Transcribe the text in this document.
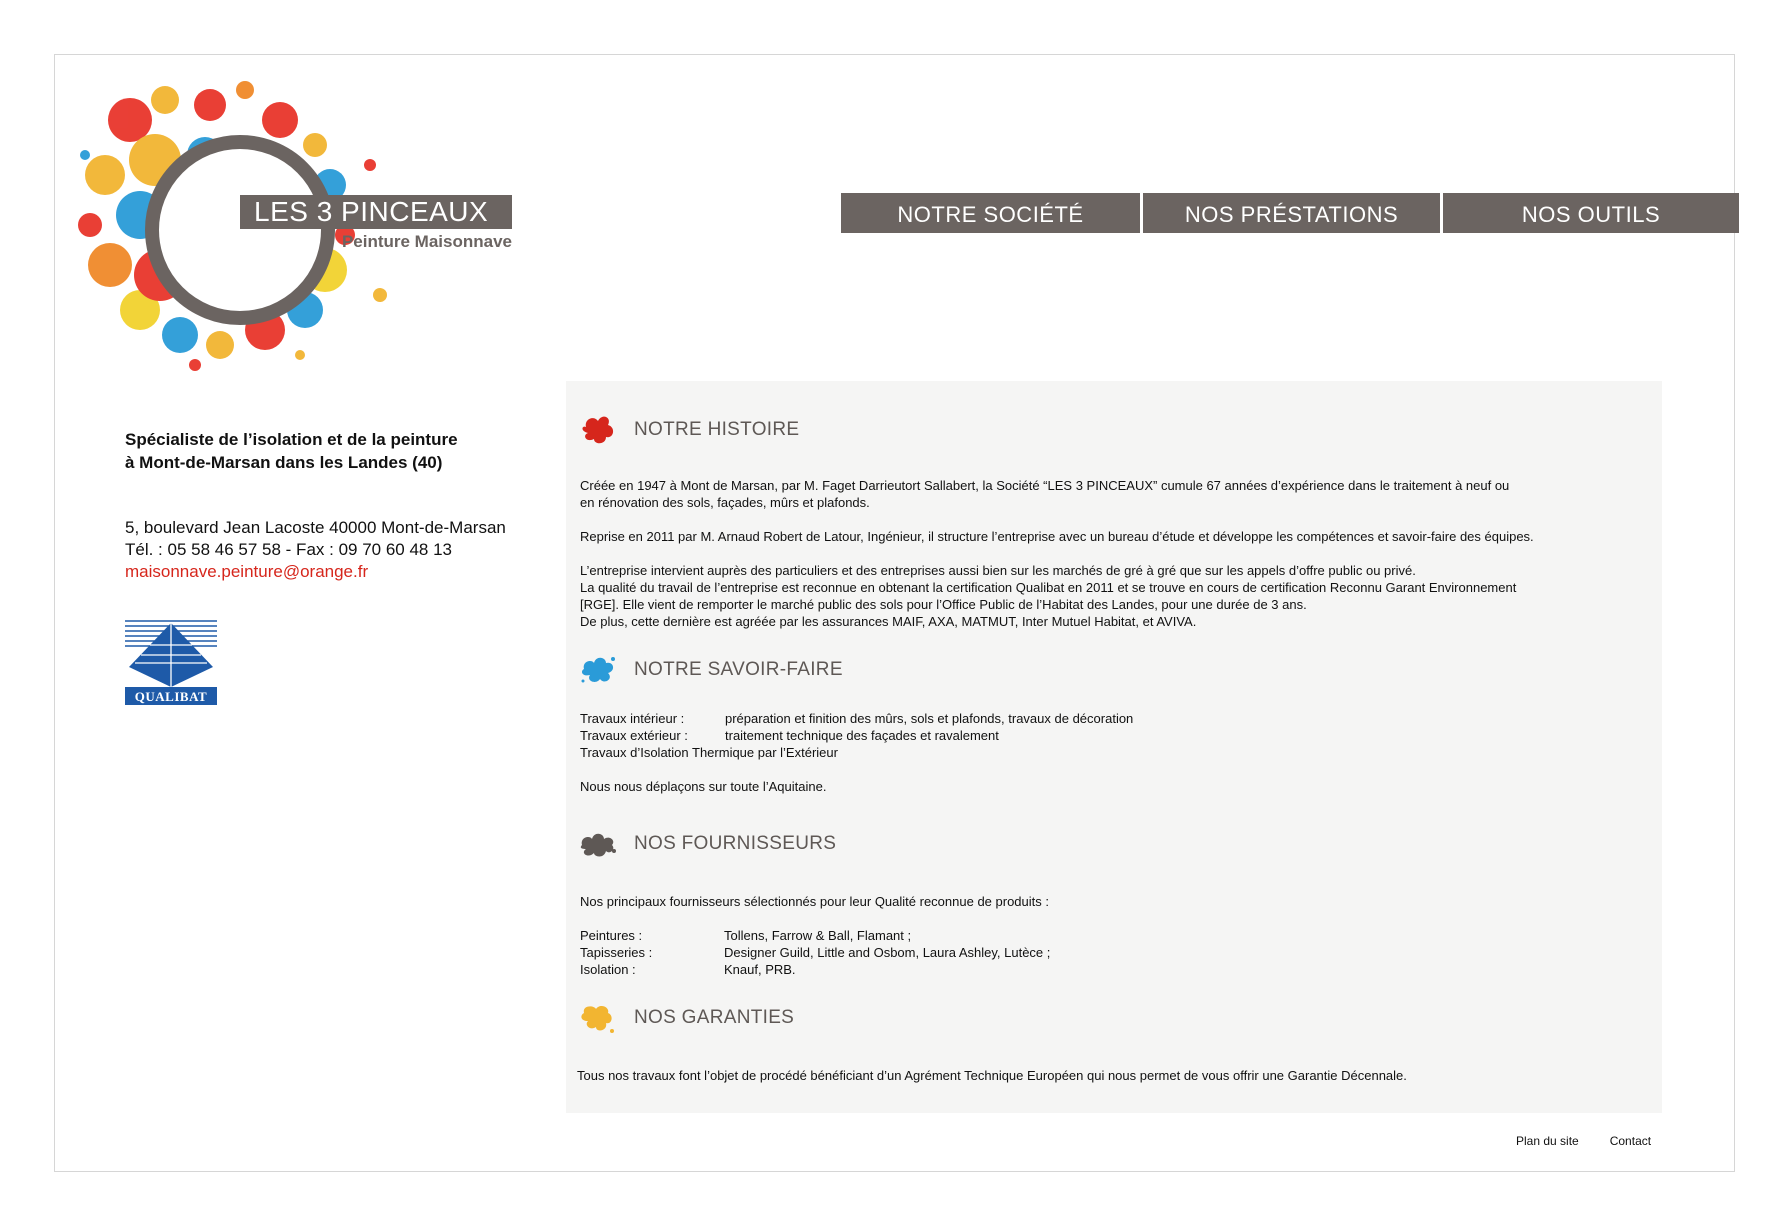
LES 3 PINCEAUX
Peinture Maisonnave
NOTRE SOCIÉTÉ	NOS PRÉSTATIONS	NOS OUTILS
Spécialiste de l’isolation et de la peinture
à Mont-de-Marsan dans les Landes (40)
5, boulevard Jean Lacoste 40000 Mont-de-Marsan
Tél. : 05 58 46 57 58 - Fax : 09 70 60 48 13
maisonnave.peinture@orange.fr
QUALIBAT
NOTRE HISTOIRE
Créée en 1947 à Mont de Marsan, par M. Faget Darrieutort Sallabert, la Société “LES 3 PINCEAUX” cumule 67 années d’expérience dans le traitement à neuf ou
en rénovation des sols, façades, mûrs et plafonds.
Reprise en 2011 par M. Arnaud Robert de Latour, Ingénieur, il structure l’entreprise avec un bureau d’étude et développe les compétences et savoir-faire des équipes.
L’entreprise intervient auprès des particuliers et des entreprises aussi bien sur les marchés de gré à gré que sur les appels d’offre public ou privé.
La qualité du travail de l’entreprise est reconnue en obtenant la certification Qualibat en 2011 et se trouve en cours de certification Reconnu Garant Environnement
[RGE]. Elle vient de remporter le marché public des sols pour l’Office Public de l’Habitat des Landes, pour une durée de 3 ans.
De plus, cette dernière est agréée par les assurances MAIF, AXA, MATMUT, Inter Mutuel Habitat, et AVIVA.
NOTRE SAVOIR-FAIRE
Travaux intérieur :	préparation et finition des mûrs, sols et plafonds, travaux de décoration
Travaux extérieur :	traitement technique des façades et ravalement
Travaux d’Isolation Thermique par l’Extérieur
Nous nous déplaçons sur toute l’Aquitaine.
NOS FOURNISSEURS
Nos principaux fournisseurs sélectionnés pour leur Qualité reconnue de produits :
Peintures :	Tollens, Farrow & Ball, Flamant ;
Tapisseries :	Designer Guild, Little and Osbom, Laura Ashley, Lutèce ;
Isolation :	Knauf, PRB.
NOS GARANTIES
Tous nos travaux font l’objet de procédé bénéficiant d’un Agrément Technique Européen qui nous permet de vous offrir une Garantie Décennale.
Plan du site	Contact
